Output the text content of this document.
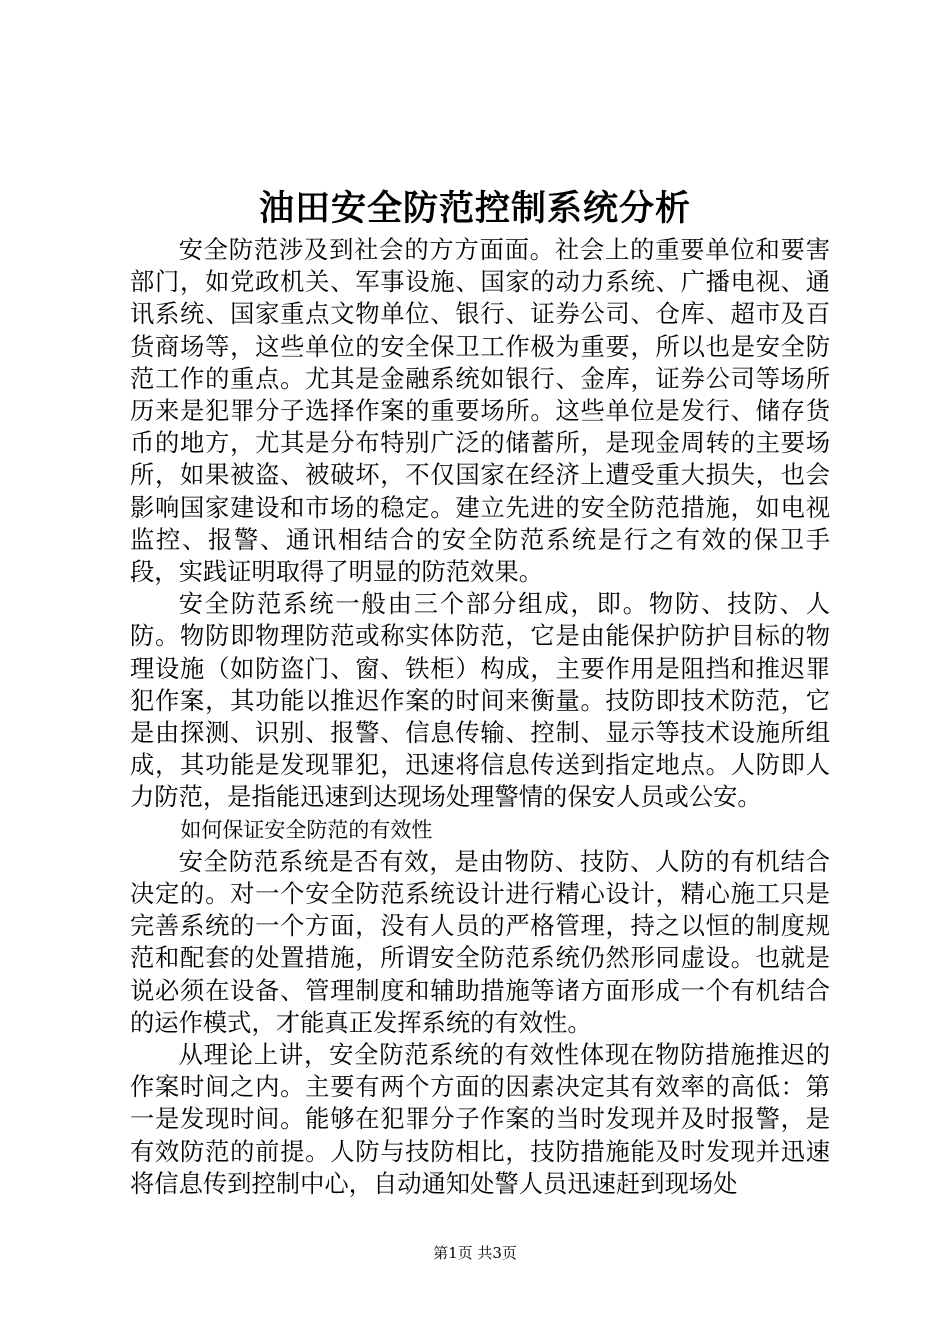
油田安全防范控制系统分析

安全防范涉及到社会的方方面面。社会上的重要单位和要害部门，如党政机关、军事设施、国家的动力系统、广播电视、通讯系统、国家重点文物单位、银行、证券公司、仓库、超市及百货商场等，这些单位的安全保卫工作极为重要，所以也是安全防范工作的重点。尤其是金融系统如银行、金库，证券公司等场所历来是犯罪分子选择作案的重要场所。这些单位是发行、储存货币的地方，尤其是分布特别广泛的储蓄所，是现金周转的主要场所，如果被盗、被破坏，不仅国家在经济上遭受重大损失，也会影响国家建设和市场的稳定。建立先进的安全防范措施，如电视监控、报警、通讯相结合的安全防范系统是行之有效的保卫手段，实践证明取得了明显的防范效果。

安全防范系统一般由三个部分组成，即。物防、技防、人防。物防即物理防范或称实体防范，它是由能保护防护目标的物理设施（如防盗门、窗、铁柜）构成，主要作用是阻挡和推迟罪犯作案，其功能以推迟作案的时间来衡量。技防即技术防范，它是由探测、识别、报警、信息传输、控制、显示等技术设施所组成，其功能是发现罪犯，迅速将信息传送到指定地点。人防即人力防范，是指能迅速到达现场处理警情的保安人员或公安。

如何保证安全防范的有效性

安全防范系统是否有效，是由物防、技防、人防的有机结合决定的。对一个安全防范系统设计进行精心设计，精心施工只是完善系统的一个方面，没有人员的严格管理，持之以恒的制度规范和配套的处置措施，所谓安全防范系统仍然形同虚设。也就是说必须在设备、管理制度和辅助措施等诸方面形成一个有机结合的运作模式，才能真正发挥系统的有效性。

从理论上讲，安全防范系统的有效性体现在物防措施推迟的作案时间之内。主要有两个方面的因素决定其有效率的高低：第一是发现时间。能够在犯罪分子作案的当时发现并及时报警，是有效防范的前提。人防与技防相比，技防措施能及时发现并迅速将信息传到控制中心，自动通知处警人员迅速赶到现场处

第1页 共3页
